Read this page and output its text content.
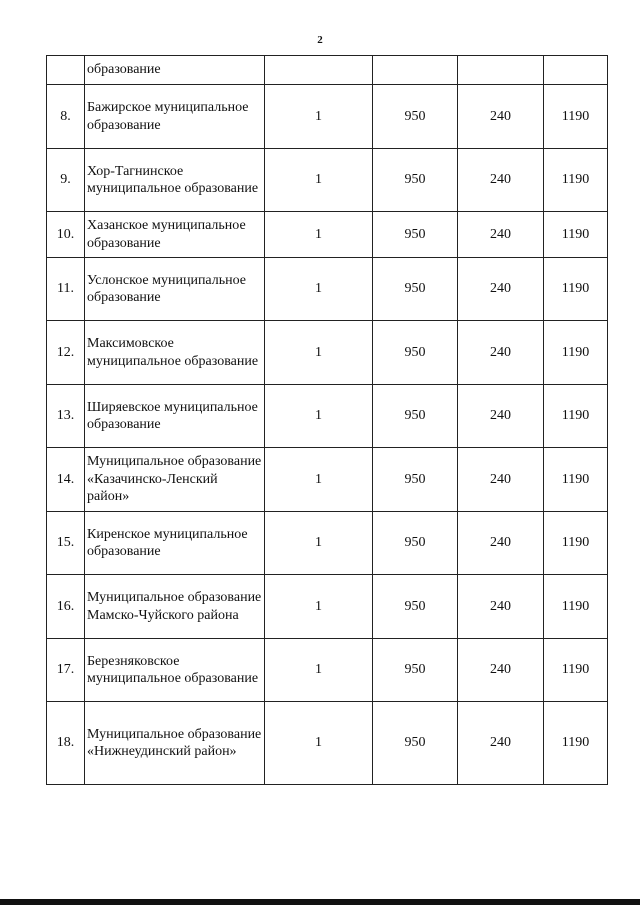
2
	образование				
8.	Бажирское муниципальное образование	1	950	240	1190
9.	Хор-Тагнинское муниципальное образование	1	950	240	1190
10.	Хазанское муниципальное образование	1	950	240	1190
11.	Услонское муниципальное образование	1	950	240	1190
12.	Максимовское муниципальное образование	1	950	240	1190
13.	Ширяевское муниципальное образование	1	950	240	1190
14.	Муниципальное образование «Казачинско-Ленский район»	1	950	240	1190
15.	Киренское муниципальное образование	1	950	240	1190
16.	Муниципальное образование Мамско-Чуйского района	1	950	240	1190
17.	Березняковское муниципальное образование	1	950	240	1190
18.	Муниципальное образование «Нижнеудинский район»	1	950	240	1190
